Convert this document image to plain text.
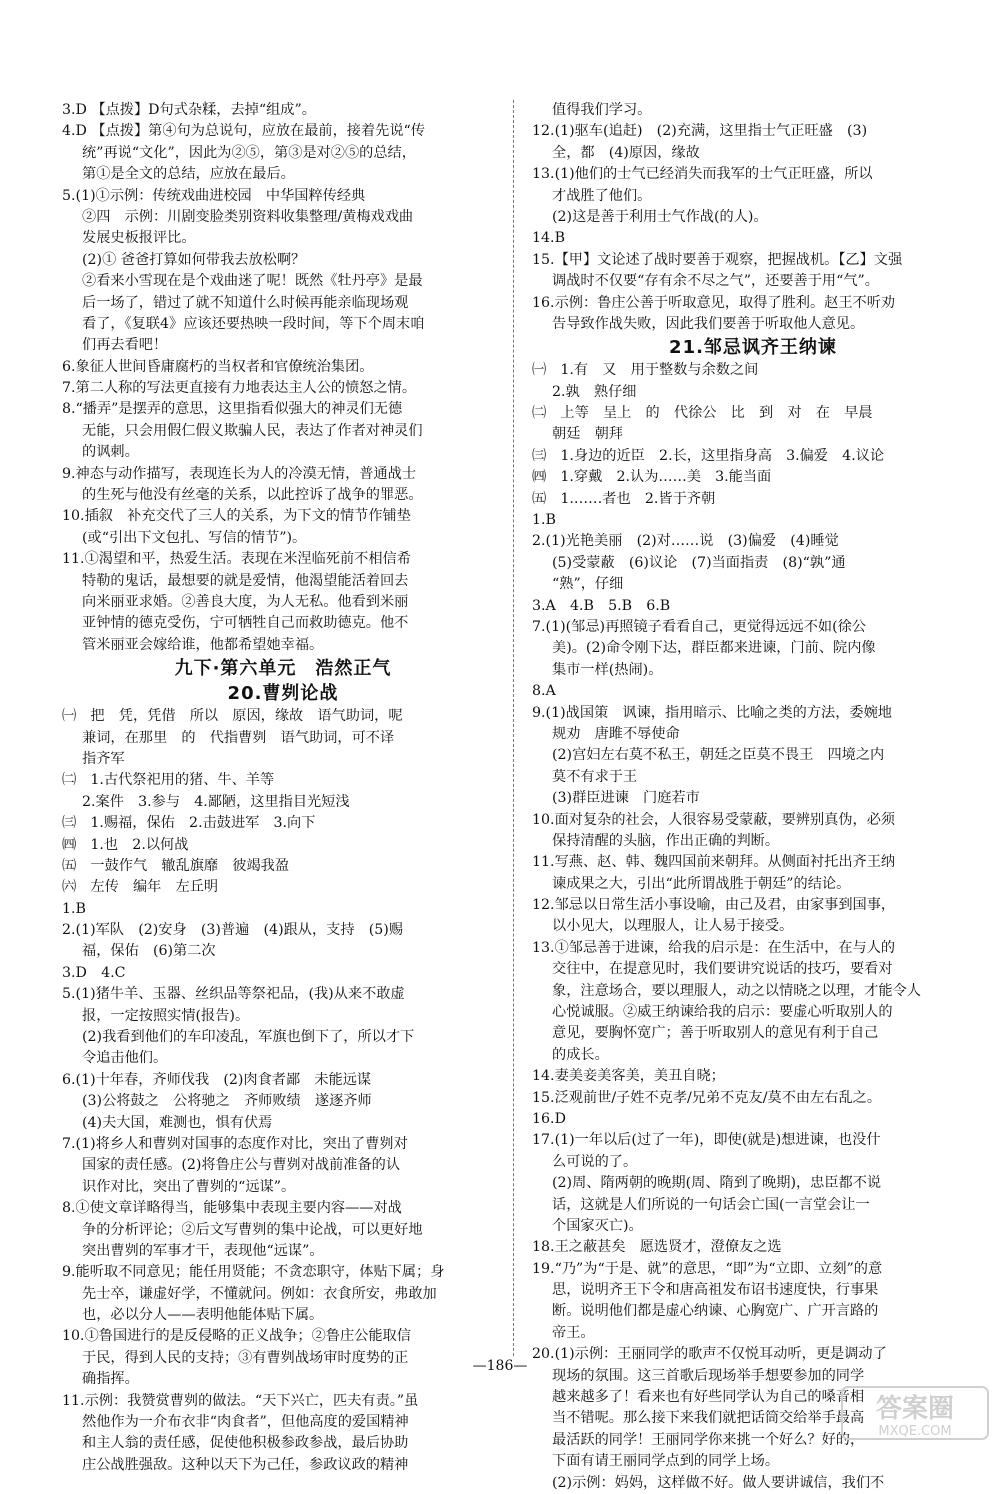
3.D 【点拨】D句式杂糅，去掉“组成”。
4.D 【点拨】第④句为总说句，应放在最前，接着先说“传
统”再说“文化”，因此为②⑤，第③是对②⑤的总结，
第①是全文的总结，应放在最后。
5.(1)①示例：传统戏曲进校园　中华国粹传经典
②四　示例：川剧变脸类别资料收集整理/黄梅戏戏曲
发展史板报评比。
(2)① 爸爸打算如何带我去放松啊？
②看来小雪现在是个戏曲迷了呢！既然《牡丹亭》是最
后一场了，错过了就不知道什么时候再能亲临现场观
看了，《复联4》应该还要热映一段时间，等下个周末咱
们再去看吧！
6.象征人世间昏庸腐朽的当权者和官僚统治集团。
7.第二人称的写法更直接有力地表达主人公的愤怒之情。
8.“播弄”是摆弄的意思，这里指看似强大的神灵们无德
无能，只会用假仁假义欺骗人民，表达了作者对神灵们
的讽刺。
9.神态与动作描写，表现连长为人的冷漠无情，普通战士
的生死与他没有丝毫的关系，以此控诉了战争的罪恶。
10.插叙　补充交代了三人的关系，为下文的情节作铺垫
(或“引出下文包扎、写信的情节”)。
11.①渴望和平，热爱生活。表现在米涅临死前不相信希
特勒的鬼话，最想要的就是爱情，他渴望能活着回去
向米丽亚求婚。②善良大度，为人无私。他看到米丽
亚钟情的德克受伤，宁可牺牲自己而救助德克。他不
管米丽亚会嫁给谁，他都希望她幸福。
九下·第六单元　浩然正气
20.曹刿论战
㈠　把　凭，凭借　所以　原因，缘故　语气助词，呢
兼词，在那里　的　代指曹刿　语气助词，可不译
指齐军
㈡　1.古代祭祀用的猪、牛、羊等
2.案件　3.参与　4.鄙陋，这里指目光短浅
㈢　1.赐福，保佑　2.击鼓进军　3.向下
㈣　1.也　2.以何战
㈤　一鼓作气　辙乱旗靡　彼竭我盈
㈥　左传　编年　左丘明
1.B
2.(1)军队　(2)安身　(3)普遍　(4)跟从，支持　(5)赐
福，保佑　(6)第二次
3.D　4.C
5.(1)猪牛羊、玉器、丝织品等祭祀品，(我)从来不敢虚
报，一定按照实情(报告)。
(2)我看到他们的车印凌乱，军旗也倒下了，所以才下
令追击他们。
6.(1)十年春，齐师伐我　(2)肉食者鄙　未能远谋
(3)公将鼓之　公将驰之　齐师败绩　遂逐齐师
(4)夫大国，难测也，惧有伏焉
7.(1)将乡人和曹刿对国事的态度作对比，突出了曹刿对
国家的责任感。(2)将鲁庄公与曹刿对战前准备的认
识作对比，突出了曹刿的“远谋”。
8.①使文章详略得当，能够集中表现主要内容——对战
争的分析评论；②后文写曹刿的集中论战，可以更好地
突出曹刿的军事才干，表现他“远谋”。
9.能听取不同意见；能任用贤能；不贪恋职守，体贴下属；身
先士卒，谦虚好学，不懂就问。例如：衣食所安，弗敢加
也，必以分人——表明他能体贴下属。
10.①鲁国进行的是反侵略的正义战争；②鲁庄公能取信
于民，得到人民的支持；③有曹刿战场审时度势的正
确指挥。
11.示例：我赞赏曹刿的做法。“天下兴亡，匹夫有责。”虽
然他作为一介布衣非“肉食者”，但他高度的爱国精神
和主人翁的责任感，促使他积极参政参战，最后协助
庄公战胜强敌。这种以天下为己任，参政议政的精神
值得我们学习。
12.(1)驱车(追赶)　(2)充满，这里指士气正旺盛　(3)
全，都　(4)原因，缘故
13.(1)他们的士气已经消失而我军的士气正旺盛，所以
才战胜了他们。
(2)这是善于利用士气作战(的人)。
14.B
15.【甲】文论述了战时要善于观察，把握战机。【乙】文强
调战时不仅要“存有余不尽之气”，还要善于用“气”。
16.示例：鲁庄公善于听取意见，取得了胜利。赵王不听劝
告导致作战失败，因此我们要善于听取他人意见。
21.邹忌讽齐王纳谏
㈠　1.有　又　用于整数与余数之间
2.孰　熟仔细
㈡　上等　呈上　的　代徐公　比　到　对　在　早晨
朝廷　朝拜
㈢　1.身边的近臣　2.长，这里指身高　3.偏爱　4.议论
㈣　1.穿戴　2.认为……美　3.能当面
㈤　1.……者也　2.皆于齐朝
1.B
2.(1)光艳美丽　(2)对……说　(3)偏爱　(4)睡觉
(5)受蒙蔽　(6)议论　(7)当面指责　(8)“孰”通
“熟”，仔细
3.A　4.B　5.B　6.B
7.(1)(邹忌)再照镜子看看自己，更觉得远远不如(徐公
美)。(2)命令刚下达，群臣都来进谏，门前、院内像
集市一样(热闹)。
8.A
9.(1)战国策　讽谏，指用暗示、比喻之类的方法，委婉地
规劝　唐雎不辱使命
(2)宫妇左右莫不私王，朝廷之臣莫不畏王　四境之内
莫不有求于王
(3)群臣进谏　门庭若市
10.面对复杂的社会，人很容易受蒙蔽，要辨别真伪，必须
保持清醒的头脑，作出正确的判断。
11.写燕、赵、韩、魏四国前来朝拜。从侧面衬托出齐王纳
谏成果之大，引出“此所谓战胜于朝廷”的结论。
12.邹忌以日常生活小事设喻，由己及君，由家事到国事，
以小见大，以理服人，让人易于接受。
13.①邹忌善于进谏，给我的启示是：在生活中，在与人的
交往中，在提意见时，我们要讲究说话的技巧，要看对
象，注意场合，要以理服人，动之以情晓之以理，才能令人
心悦诚服。②威王纳谏给我的启示：要虚心听取别人的
意见，要胸怀宽广；善于听取别人的意见有利于自己
的成长。
14.妻美妾美客美，美丑自晓；
15.泛观前世/子姓不克孝/兄弟不克友/莫不由左右乱之。
16.D
17.(1)一年以后(过了一年)，即使(就是)想进谏，也没什
么可说的了。
(2)周、隋两朝的晚期(周、隋到了晚期)，忠臣都不说
话，这就是人们所说的一句话会亡国(一言堂会让一
个国家灭亡)。
18.王之蔽甚矣　愿选贤才，澄僚友之选
19.“乃”为“于是、就”的意思，“即”为“立即、立刻”的意
思，说明齐王下令和唐高祖发布诏书速度快，行事果
断。说明他们都是虚心纳谏、心胸宽广、广开言路的
帝王。
20.(1)示例：王丽同学的歌声不仅悦耳动听，更是调动了
现场的氛围。这三首歌后现场举手想要参加的同学
越来越多了！看来也有好些同学认为自己的嗓音相
当不错呢。那么接下来我们就把话筒交给举手最高
最活跃的同学！王丽同学你来挑一个好么？好的，
下面有请王丽同学点到的同学上场。
(2)示例：妈妈，这样做不好。做人要讲诚信，我们不
—186—
答案圈
MXQE.COM
